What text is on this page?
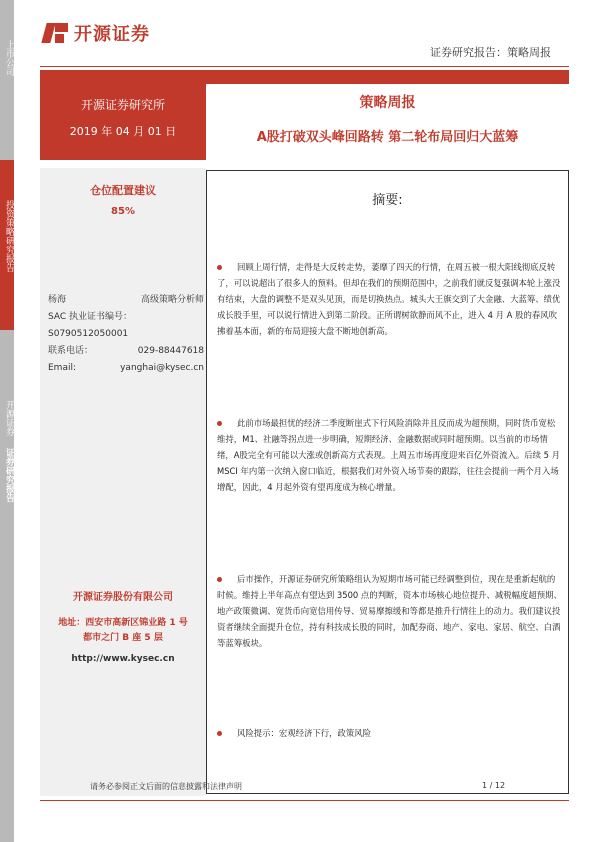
上市公司
投资策略研究报告
开源证券
证券研究报告
开源证券
证券研究报告：策略周报
开源证券研究所
2019 年 04 月 01 日
策略周报
A股打破双头峰回路转 第二轮布局回归大蓝筹
仓位配置建议
85%
杨海	高级策略分析师
SAC 执业证书编号：
S0790512050001
联系电话：	029-88447618
Email:	yanghai@kysec.cn
开源证券股份有限公司
地址：西安市高新区锦业路 1 号
都市之门 B 座 5 层
http://www.kysec.cn
摘要:
回顾上周行情，走得是大反转走势，萎靡了四天的行情，在周五被一根大阳线彻底反转了，可以说超出了很多人的预料。但却在我们的预期范围中，之前我们就反复强调本轮上涨没有结束，大盘的调整不是双头见顶，而是切换热点。城头大王旗交到了大金融、大蓝筹、绩优成长股手里，可以说行情进入到第二阶段。正所谓树欲静而风不止，进入 4 月 A 股的春风吹拂着基本面，新的布局迎接大盘不断地创新高。
此前市场最担忧的经济二季度断崖式下行风险消除并且反而成为超预期，同时货币宽松维持，M1、社融等拐点进一步明确，短期经济、金融数据或同时超预期。以当前的市场情绪，A股完全有可能以大涨或创新高方式表现。上周五市场再度迎来百亿外资流入。后续 5 月 MSCI 年内第一次纳入窗口临近，根据我们对外资入场节奏的跟踪，往往会提前一两个月入场增配，因此，4 月起外资有望再度成为核心增量。
后市操作，开源证券研究所策略组认为短期市场可能已经调整到位，现在是重新起航的时候。维持上半年高点有望达到 3500 点的判断，资本市场核心地位提升、减税幅度超预期、地产政策微调、宽货币向宽信用传导、贸易摩擦缓和等都是推升行情往上的动力。我们建议投资者继续全面提升仓位，持有科技成长股的同时，加配券商、地产、家电、家居、航空、白酒等蓝筹板块。
风险提示：宏观经济下行，政策风险
请务必参阅正文后面的信息披露和法律声明	1 / 12
